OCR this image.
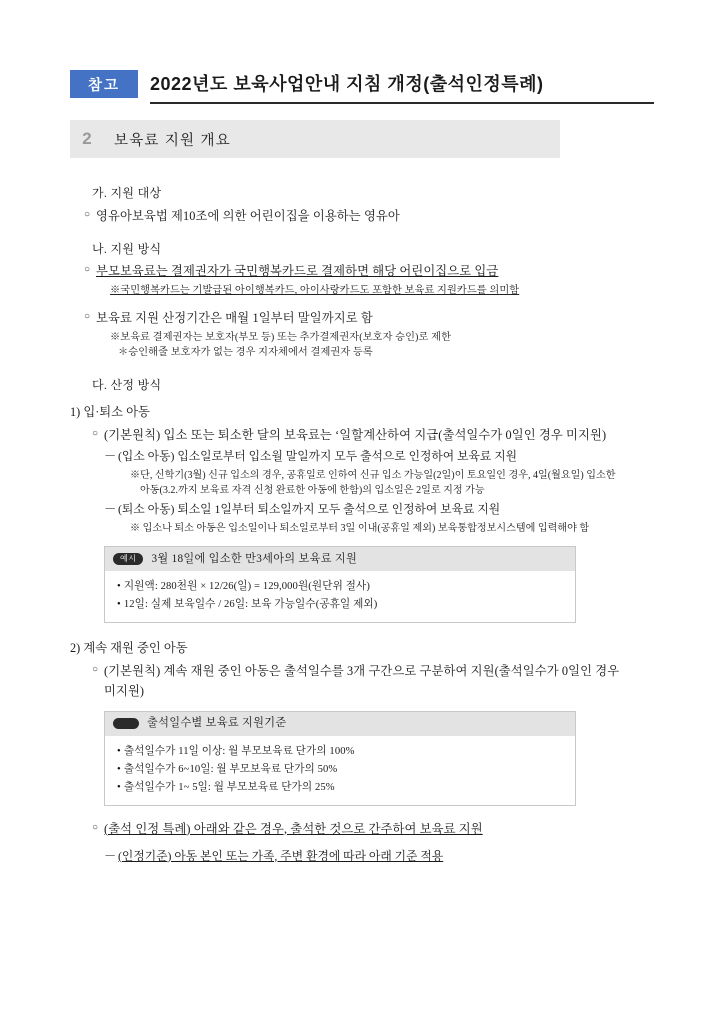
참고	2022년도 보육사업안내 지침 개정(출석인정특례)
2	보육료 지원 개요
가. 지원 대상
○ 영유아보육법 제10조에 의한 어린이집을 이용하는 영유아
나. 지원 방식
○ 부모보육료는 결제권자가 국민행복카드로 결제하면 해당 어린이집으로 입금
※국민행복카드는 기발급된 아이행복카드, 아이사랑카드도 포함한 보육료 지원카드를 의미함
○ 보육료 지원 산정기간은 매월 1일부터 말일까지로 함
※보육료 결제권자는 보호자(부모 등) 또는 추가결제권자(보호자 승인)로 제한
＊승인해줄 보호자가 없는 경우 지자체에서 결제권자 등록
다. 산정 방식
1) 입·퇴소 아동
○ (기본원칙) 입소 또는 퇴소한 달의 보육료는 ‘일할계산하여 지급(출석일수가 0일인 경우 미지원)
－ (입소 아동) 입소일로부터 입소월 말일까지 모두 출석으로 인정하여 보육료 지원
※단, 신학기(3월) 신규 입소의 경우, 공휴일로 인하여 신규 입소 가능일(2일)이 토요일인 경우, 4일(월요일) 입소한
아동(3.2.까지 보육료 자격 신청 완료한 아동에 한함)의 입소일은 2일로 지정 가능
－ (퇴소 아동) 퇴소일 1일부터 퇴소일까지 모두 출석으로 인정하여 보육료 지원
※ 입소나 퇴소 아동은 입소일이나 퇴소일로부터 3일 이내(공휴일 제외) 보육통합정보시스템에 입력해야 함
예시	3월 18일에 입소한 만3세아의 보육료 지원
• 지원액: 280천원 × 12/26(일) = 129,000원(원단위 절사)
• 12일: 실제 보육일수 / 26일: 보육 가능일수(공휴일 제외)
2) 계속 재원 중인 아동
○ (기본원칙) 계속 재원 중인 아동은 출석일수를 3개 구간으로 구분하여 지원(출석일수가 0일인 경우
미지원)
출석일수별 보육료 지원기준
• 출석일수가 11일 이상: 월 부모보육료 단가의 100%
• 출석일수가 6~10일: 월 부모보육료 단가의 50%
• 출석일수가 1~ 5일: 월 부모보육료 단가의 25%
○ (출석 인정 특례) 아래와 같은 경우, 출석한 것으로 간주하여 보육료 지원
－ (인정기준) 아동 본인 또는 가족, 주변 환경에 따라 아래 기준 적용
